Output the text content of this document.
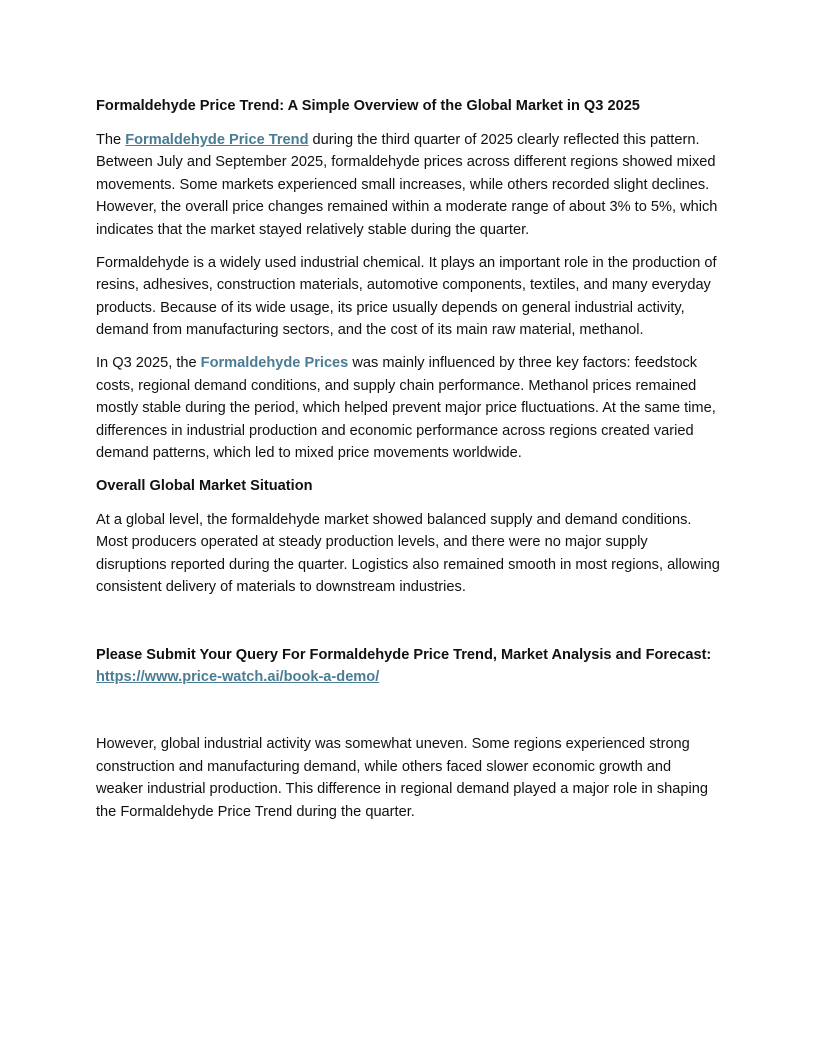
Formaldehyde Price Trend: A Simple Overview of the Global Market in Q3 2025

The Formaldehyde Price Trend during the third quarter of 2025 clearly reflected this pattern. Between July and September 2025, formaldehyde prices across different regions showed mixed movements. Some markets experienced small increases, while others recorded slight declines. However, the overall price changes remained within a moderate range of about 3% to 5%, which indicates that the market stayed relatively stable during the quarter.

Formaldehyde is a widely used industrial chemical. It plays an important role in the production of resins, adhesives, construction materials, automotive components, textiles, and many everyday products. Because of its wide usage, its price usually depends on general industrial activity, demand from manufacturing sectors, and the cost of its main raw material, methanol.

In Q3 2025, the Formaldehyde Prices was mainly influenced by three key factors: feedstock costs, regional demand conditions, and supply chain performance. Methanol prices remained mostly stable during the period, which helped prevent major price fluctuations. At the same time, differences in industrial production and economic performance across regions created varied demand patterns, which led to mixed price movements worldwide.

Overall Global Market Situation

At a global level, the formaldehyde market showed balanced supply and demand conditions. Most producers operated at steady production levels, and there were no major supply disruptions reported during the quarter. Logistics also remained smooth in most regions, allowing consistent delivery of materials to downstream industries.

Please Submit Your Query For Formaldehyde Price Trend, Market Analysis and Forecast: https://www.price-watch.ai/book-a-demo/

However, global industrial activity was somewhat uneven. Some regions experienced strong construction and manufacturing demand, while others faced slower economic growth and weaker industrial production. This difference in regional demand played a major role in shaping the Formaldehyde Price Trend during the quarter.
